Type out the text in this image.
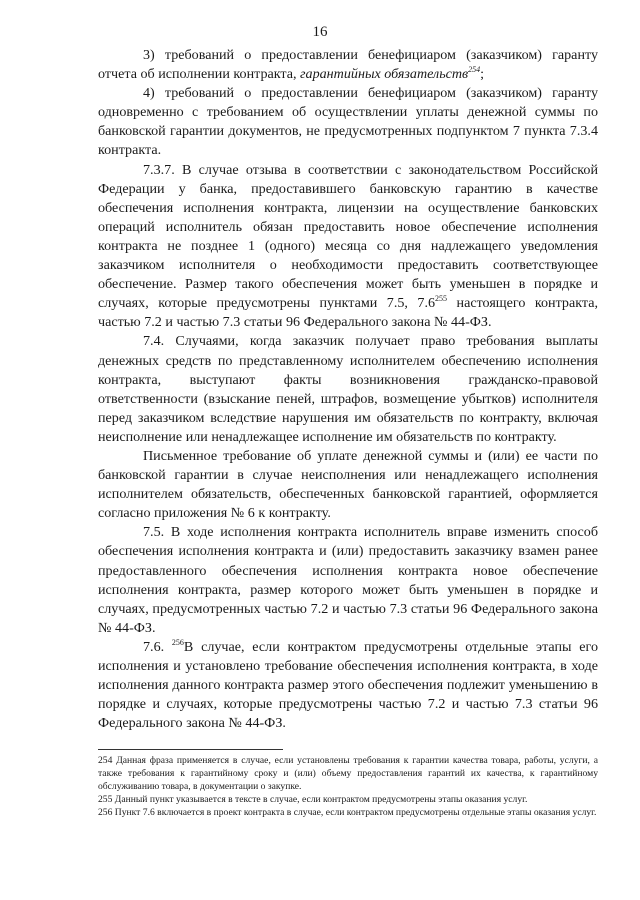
16

3) требований о предоставлении бенефициаром (заказчиком) гаранту отчета об исполнении контракта, гарантийных обязательств$^{254}$;

4) требований о предоставлении бенефициаром (заказчиком) гаранту одновременно с требованием об осуществлении уплаты денежной суммы по банковской гарантии документов, не предусмотренных подпунктом 7 пункта 7.3.4 контракта.

7.3.7. В случае отзыва в соответствии с законодательством Российской Федерации у банка, предоставившего банковскую гарантию в качестве обеспечения исполнения контракта, лицензии на осуществление банковских операций исполнитель обязан предоставить новое обеспечение исполнения контракта не позднее 1 (одного) месяца со дня надлежащего уведомления заказчиком исполнителя о необходимости предоставить соответствующее обеспечение. Размер такого обеспечения может быть уменьшен в порядке и случаях, которые предусмотрены пунктами 7.5, $7.6^{255}$ настоящего контракта, частью 7.2 и частью 7.3 статьи 96 Федерального закона № 44-ФЗ.

7.4. Случаями, когда заказчик получает право требования выплаты денежных средств по представленному исполнителем обеспечению исполнения контракта, выступают факты возникновения гражданско-правовой ответственности (взыскание пеней, штрафов, возмещение убытков) исполнителя перед заказчиком вследствие нарушения им обязательств по контракту, включая неисполнение или ненадлежащее исполнение им обязательств по контракту.

Письменное требование об уплате денежной суммы и (или) ее части по банковской гарантии в случае неисполнения или ненадлежащего исполнения исполнителем обязательств, обеспеченных банковской гарантией, оформляется согласно приложения № 6 к контракту.

7.5. В ходе исполнения контракта исполнитель вправе изменить способ обеспечения исполнения контракта и (или) предоставить заказчику взамен ранее предоставленного обеспечения исполнения контракта новое обеспечение исполнения контракта, размер которого может быть уменьшен в порядке и случаях, предусмотренных частью 7.2 и частью 7.3 статьи 96 Федерального закона № 44-ФЗ.

7.6. $^{256}$В случае, если контрактом предусмотрены отдельные этапы его исполнения и установлено требование обеспечения исполнения контракта, в ходе исполнения данного контракта размер этого обеспечения подлежит уменьшению в порядке и случаях, которые предусмотрены частью 7.2 и частью 7.3 статьи 96 Федерального закона № 44-ФЗ.

254 Данная фраза применяется в случае, если установлены требования к гарантии качества товара, работы, услуги, а также требования к гарантийному сроку и (или) объему предоставления гарантий их качества, к гарантийному обслуживанию товара, в документации о закупке.

255 Данный пункт указывается в тексте в случае, если контрактом предусмотрены этапы оказания услуг.

256 Пункт 7.6 включается в проект контракта в случае, если контрактом предусмотрены отдельные этапы оказания услуг.
